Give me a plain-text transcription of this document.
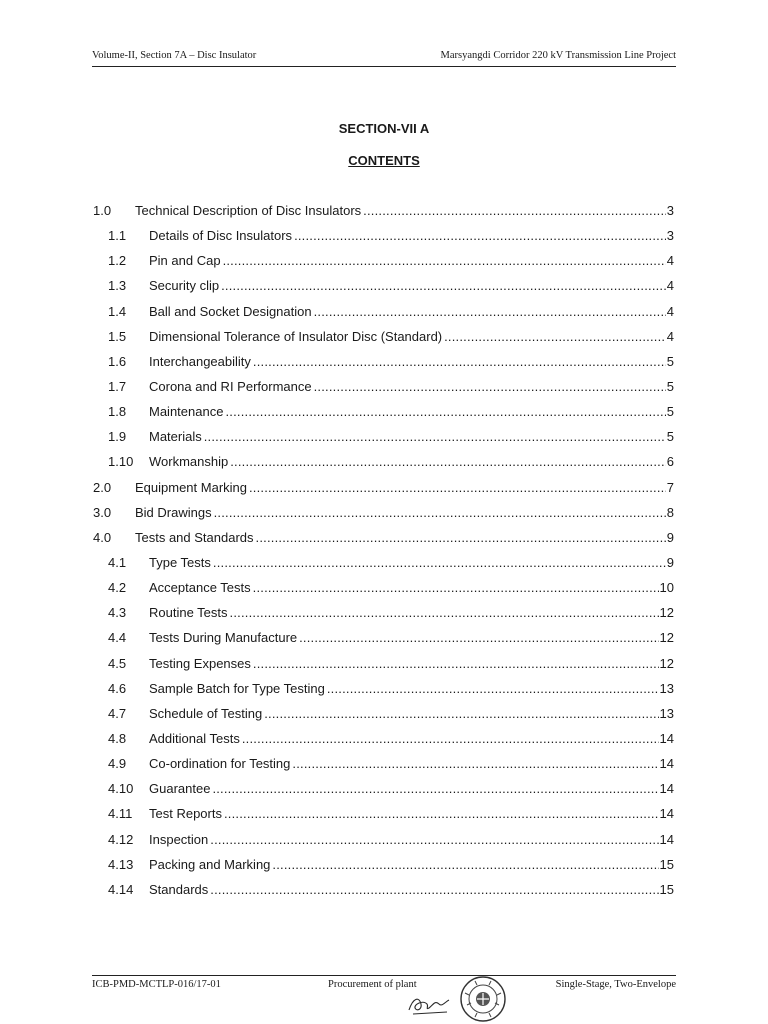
Volume-II, Section 7A – Disc Insulator	Marsyangdi Corridor 220 kV Transmission Line Project
SECTION-VII A
CONTENTS
1.0	Technical Description of Disc Insulators .....	3
1.1	Details of Disc Insulators .....	3
1.2	Pin and Cap .....	4
1.3	Security clip .....	4
1.4	Ball and Socket Designation .....	4
1.5	Dimensional Tolerance of Insulator Disc (Standard) .....	4
1.6	Interchangeability .....	5
1.7	Corona and RI Performance .....	5
1.8	Maintenance .....	5
1.9	Materials .....	5
1.10	Workmanship .....	6
2.0	Equipment Marking .....	7
3.0	Bid Drawings .....	8
4.0	Tests and Standards .....	9
4.1	Type Tests .....	9
4.2	Acceptance Tests .....	10
4.3	Routine Tests .....	12
4.4	Tests During Manufacture .....	12
4.5	Testing Expenses .....	12
4.6	Sample Batch for Type Testing .....	13
4.7	Schedule of Testing .....	13
4.8	Additional Tests .....	14
4.9	Co-ordination for Testing .....	14
4.10	Guarantee .....	14
4.11	Test Reports .....	14
4.12	Inspection .....	14
4.13	Packing and Marking .....	15
4.14	Standards .....	15
ICB-PMD-MCTLP-016/17-01	Procurement of plant	Single-Stage, Two-Envelope
